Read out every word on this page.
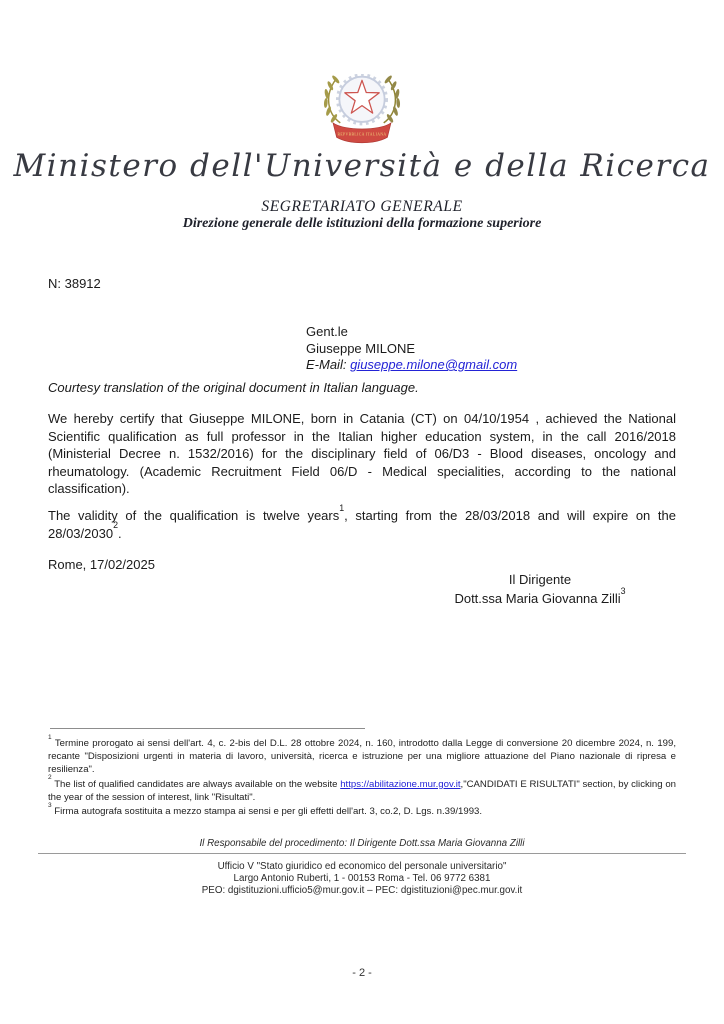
REPVBBLICA ITALIANA
Ministero dell'Università e della Ricerca
SEGRETARIATO GENERALE
Direzione generale delle istituzioni della formazione superiore
N: 38912
Gent.le
Giuseppe MILONE
E-Mail: giuseppe.milone@gmail.com
Courtesy translation of the original document in Italian language.
We hereby certify that Giuseppe MILONE, born in Catania (CT) on 04/10/1954 , achieved the National Scientific qualification as full professor in the Italian higher education system, in the call 2016/2018 (Ministerial Decree n. 1532/2016) for the disciplinary field of 06/D3 - Blood diseases, oncology and rheumatology. (Academic Recruitment Field 06/D - Medical specialities, according to the national classification).
The validity of the qualification is twelve years$^1$, starting from the 28/03/2018 and will expire on the 28/03/2030$^2$.
Rome, 17/02/2025
Il Dirigente
Dott.ssa Maria Giovanna Zilli$^3$
$^1$ Termine prorogato ai sensi dell'art. 4, c. 2-bis del D.L. 28 ottobre 2024, n. 160, introdotto dalla Legge di conversione 20 dicembre 2024, n. 199, recante "Disposizioni urgenti in materia di lavoro, università, ricerca e istruzione per una migliore attuazione del Piano nazionale di ripresa e resilienza".
$^2$ The list of qualified candidates are always available on the website https://abilitazione.mur.gov.it,"CANDIDATI E RISULTATI" section, by clicking on the year of the session of interest, link "Risultati".
$^3$ Firma autografa sostituita a mezzo stampa ai sensi e per gli effetti dell'art. 3, co.2, D. Lgs. n.39/1993.
Il Responsabile del procedimento: Il Dirigente Dott.ssa Maria Giovanna Zilli
Ufficio V "Stato giuridico ed economico del personale universitario"
Largo Antonio Ruberti, 1 - 00153 Roma - Tel. 06 9772 6381
PEO: dgistituzioni.ufficio5@mur.gov.it – PEC: dgistituzioni@pec.mur.gov.it
- 2 -
